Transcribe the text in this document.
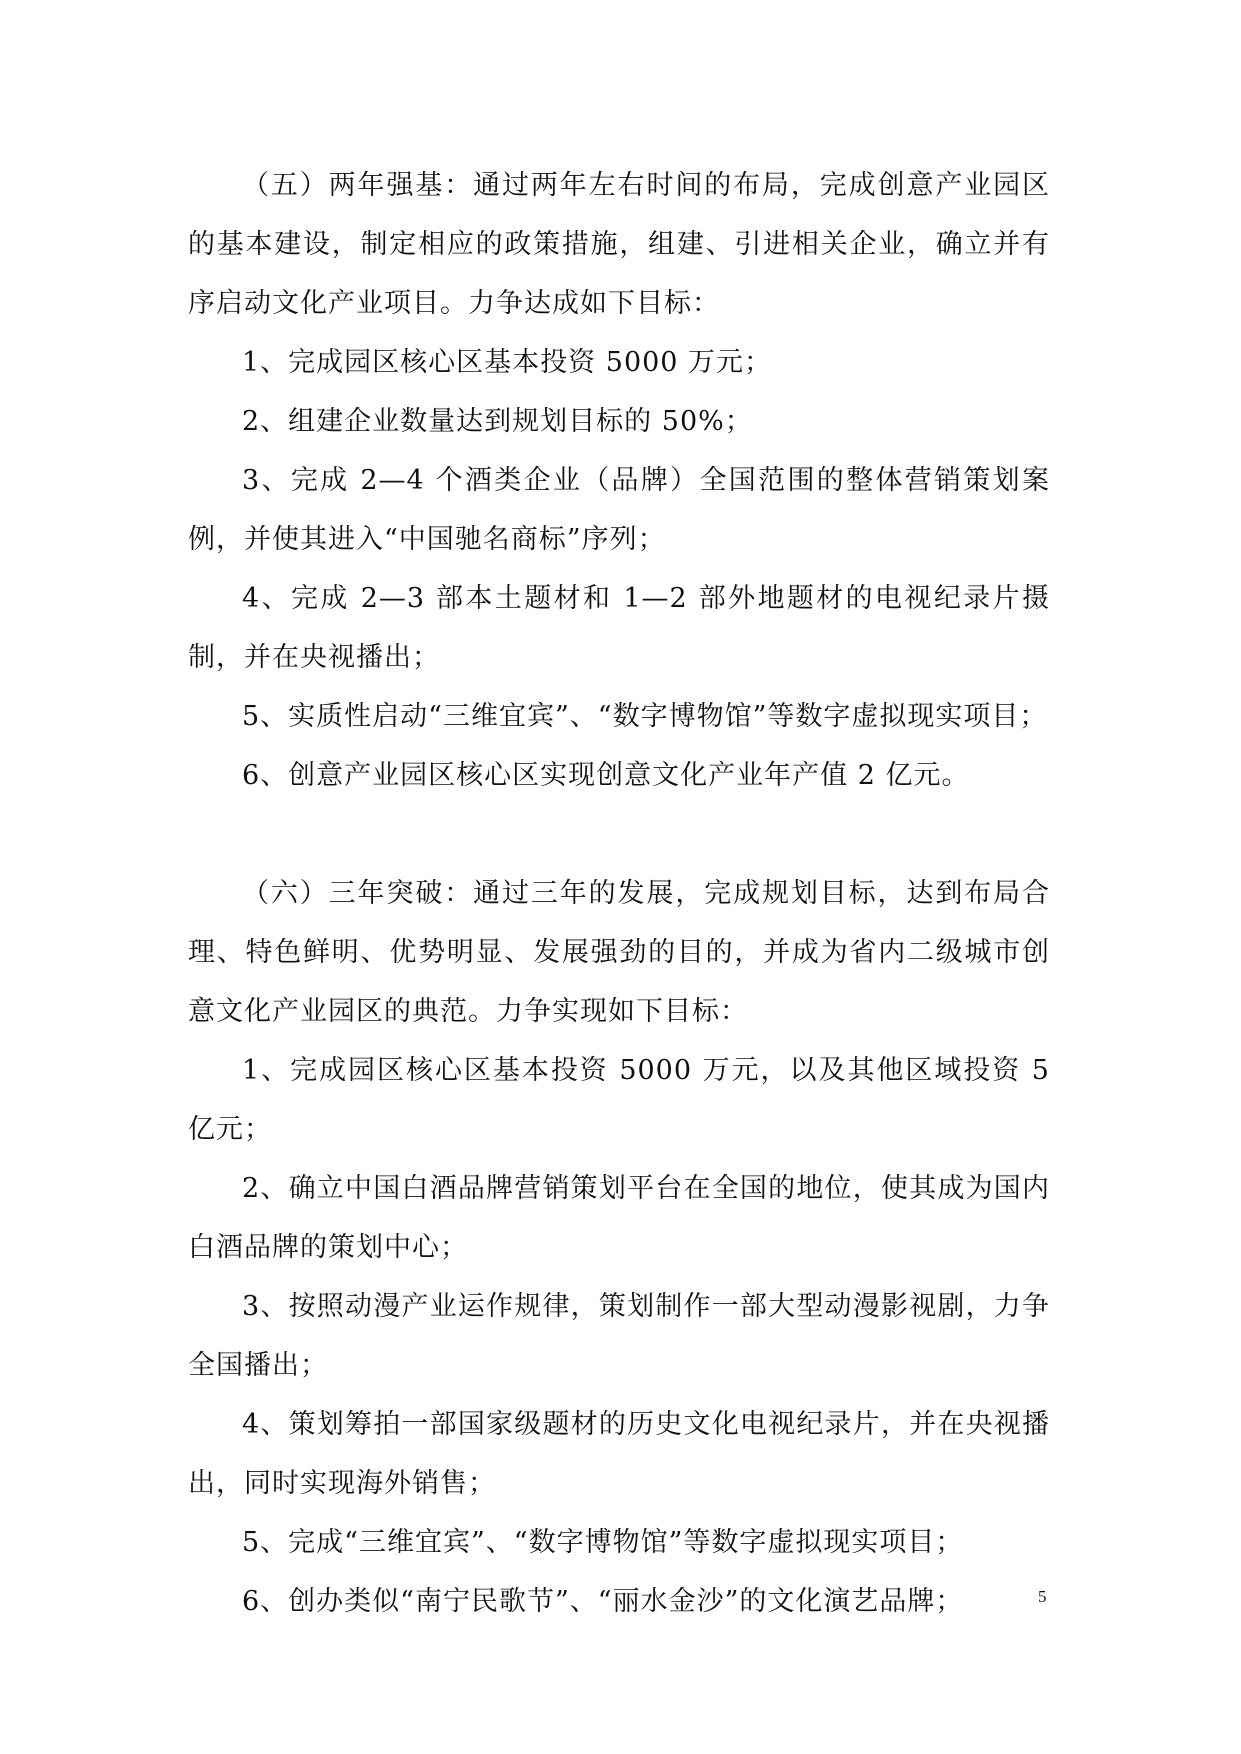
（五）两年强基：通过两年左右时间的布局，完成创意产业园区的基本建设，制定相应的政策措施，组建、引进相关企业，确立并有序启动文化产业项目。力争达成如下目标：

1、完成园区核心区基本投资 5000 万元；

2、组建企业数量达到规划目标的 50%；

3、完成 2—4 个酒类企业（品牌）全国范围的整体营销策划案例，并使其进入“中国驰名商标”序列；

4、完成 2—3 部本土题材和 1—2 部外地题材的电视纪录片摄制，并在央视播出；

5、实质性启动“三维宜宾”、“数字博物馆”等数字虚拟现实项目；

6、创意产业园区核心区实现创意文化产业年产值 2 亿元。

（六）三年突破：通过三年的发展，完成规划目标，达到布局合理、特色鲜明、优势明显、发展强劲的目的，并成为省内二级城市创意文化产业园区的典范。力争实现如下目标：

1、完成园区核心区基本投资 5000 万元，以及其他区域投资 5 亿元；

2、确立中国白酒品牌营销策划平台在全国的地位，使其成为国内白酒品牌的策划中心；

3、按照动漫产业运作规律，策划制作一部大型动漫影视剧，力争全国播出；

4、策划筹拍一部国家级题材的历史文化电视纪录片，并在央视播出，同时实现海外销售；

5、完成“三维宜宾”、“数字博物馆”等数字虚拟现实项目；

6、创办类似“南宁民歌节”、“丽水金沙”的文化演艺品牌；	5
